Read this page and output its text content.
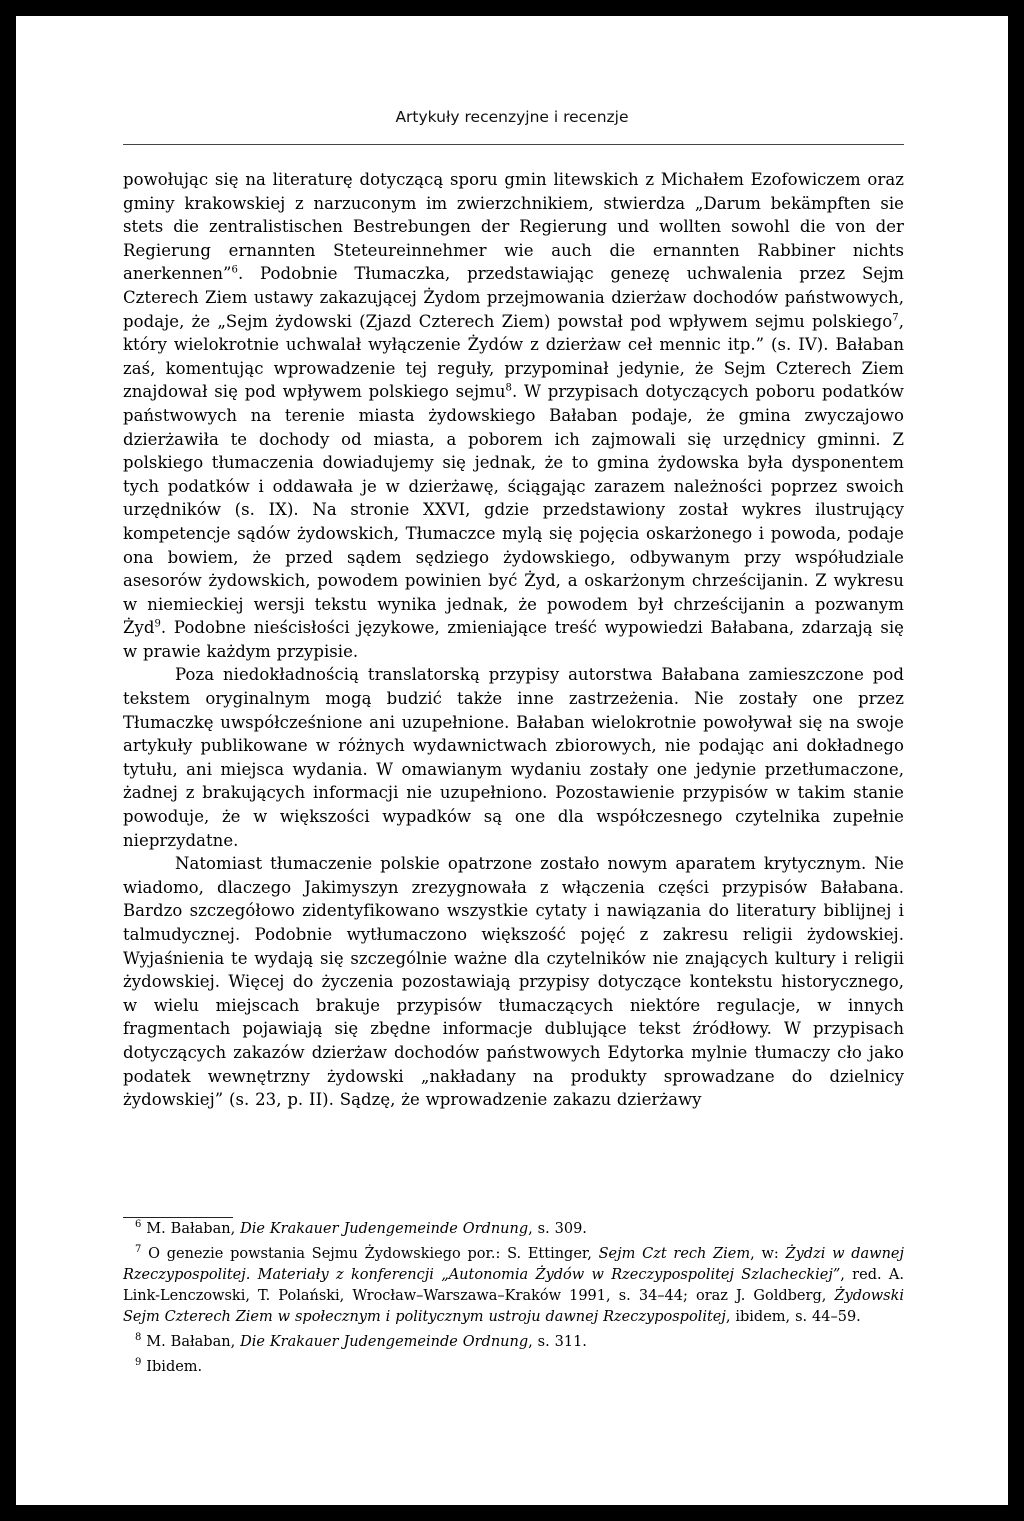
Artykuły recenzyjne i recenzje

powołując się na literaturę dotyczącą sporu gmin litewskich z Michałem Ezofowiczem oraz gminy krakowskiej z narzuconym im zwierzchnikiem, stwierdza „Darum bekämpften sie stets die zentralistischen Bestrebungen der Regierung und wollten sowohl die von der Regierung ernannten Steteureinnehmer wie auch die ernannten Rabbiner nichts anerkennen”$^6$. Podobnie Tłumaczka, przedstawiając genezę uchwalenia przez Sejm Czterech Ziem ustawy zakazującej Żydom przejmowania dzierżaw dochodów państwowych, podaje, że „Sejm żydowski (Zjazd Czterech Ziem) powstał pod wpływem sejmu polskiego$^7$, który wielokrotnie uchwalał wyłączenie Żydów z dzierżaw ceł mennic itp.” (s. IV). Bałaban zaś, komentując wprowadzenie tej reguły, przypominał jedynie, że Sejm Czterech Ziem znajdował się pod wpływem polskiego sejmu$^8$. W przypisach dotyczących poboru podatków państwowych na terenie miasta żydowskiego Bałaban podaje, że gmina zwyczajowo dzierżawiła te dochody od miasta, a poborem ich zajmowali się urzędnicy gminni. Z polskiego tłumaczenia dowiadujemy się jednak, że to gmina żydowska była dysponentem tych podatków i oddawała je w dzierżawę, ściągając zarazem należności poprzez swoich urzędników (s. IX). Na stronie XXVI, gdzie przedstawiony został wykres ilustrujący kompetencje sądów żydowskich, Tłumaczce mylą się pojęcia oskarżonego i powoda, podaje ona bowiem, że przed sądem sędziego żydowskiego, odbywanym przy współudziale asesorów żydowskich, powodem powinien być Żyd, a oskarżonym chrześcijanin. Z wykresu w niemieckiej wersji tekstu wynika jednak, że powodem był chrześcijanin a pozwanym Żyd$^9$. Podobne nieścisłości językowe, zmieniające treść wypowiedzi Bałabana, zdarzają się w prawie każdym przypisie.

Poza niedokładnością translatorską przypisy autorstwa Bałabana zamieszczone pod tekstem oryginalnym mogą budzić także inne zastrzeżenia. Nie zostały one przez Tłumaczkę uwspółcześnione ani uzupełnione. Bałaban wielokrotnie powoływał się na swoje artykuły publikowane w różnych wydawnictwach zbiorowych, nie podając ani dokładnego tytułu, ani miejsca wydania. W omawianym wydaniu zostały one jedynie przetłumaczone, żadnej z brakujących informacji nie uzupełniono. Pozostawienie przypisów w takim stanie powoduje, że w większości wypadków są one dla współczesnego czytelnika zupełnie nieprzydatne.

Natomiast tłumaczenie polskie opatrzone zostało nowym aparatem krytycznym. Nie wiadomo, dlaczego Jakimyszyn zrezygnowała z włączenia części przypisów Bałabana. Bardzo szczegółowo zidentyfikowano wszystkie cytaty i nawiązania do literatury biblijnej i talmudycznej. Podobnie wytłumaczono większość pojęć z zakresu religii żydowskiej. Wyjaśnienia te wydają się szczególnie ważne dla czytelników nie znających kultury i religii żydowskiej. Więcej do życzenia pozostawiają przypisy dotyczące kontekstu historycznego, w wielu miejscach brakuje przypisów tłumaczących niektóre regulacje, w innych fragmentach pojawiają się zbędne informacje dublujące tekst źródłowy. W przypisach dotyczących zakazów dzierżaw dochodów państwowych Edytorka mylnie tłumaczy cło jako podatek wewnętrzny żydowski „nakładany na produkty sprowadzane do dzielnicy żydowskiej” (s. 23, p. II). Sądzę, że wprowadzenie zakazu dzierżawy

$^6$ M. Bałaban, Die Krakauer Judengemeinde Ordnung, s. 309.

$^7$ O genezie powstania Sejmu Żydowskiego por.: S. Ettinger, Sejm Czt rech Ziem, w: Żydzi w dawnej Rzeczypospolitej. Materiały z konferencji „Autonomia Żydów w Rzeczypospolitej Szlacheckiej”, red. A. Link-Lenczowski, T. Polański, Wrocław–Warszawa–Kraków 1991, s. 34–44; oraz J. Goldberg, Żydowski Sejm Czterech Ziem w społecznym i politycznym ustroju dawnej Rzeczypospolitej, ibidem, s. 44–59.

$^8$ M. Bałaban, Die Krakauer Judengemeinde Ordnung, s. 311.

$^9$ Ibidem.
